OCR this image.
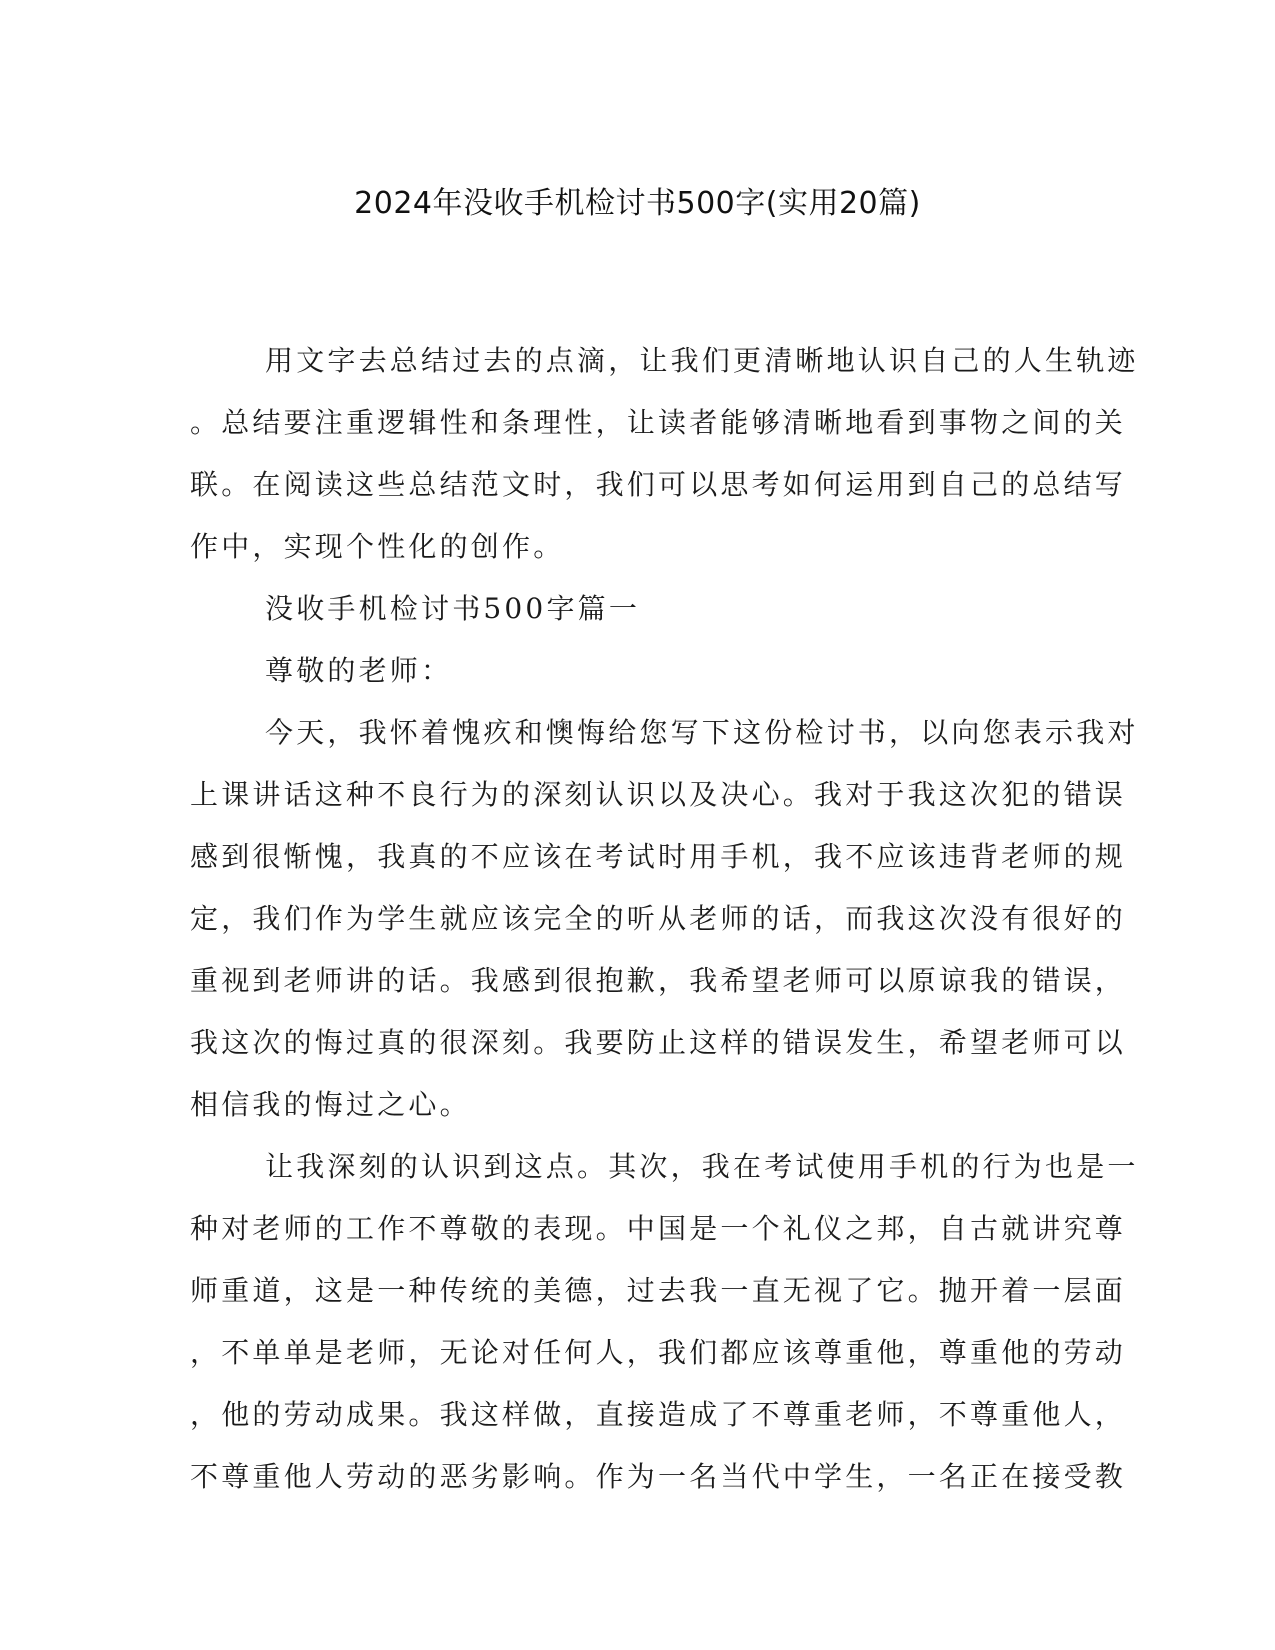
2024年没收手机检讨书500字(实用20篇)
用文字去总结过去的点滴，让我们更清晰地认识自己的人生轨迹
。总结要注重逻辑性和条理性，让读者能够清晰地看到事物之间的关
联。在阅读这些总结范文时，我们可以思考如何运用到自己的总结写
作中，实现个性化的创作。
没收手机检讨书500字篇一
尊敬的老师：
今天，我怀着愧疚和懊悔给您写下这份检讨书，以向您表示我对
上课讲话这种不良行为的深刻认识以及决心。我对于我这次犯的错误
感到很惭愧，我真的不应该在考试时用手机，我不应该违背老师的规
定，我们作为学生就应该完全的听从老师的话，而我这次没有很好的
重视到老师讲的话。我感到很抱歉，我希望老师可以原谅我的错误，
我这次的悔过真的很深刻。我要防止这样的错误发生，希望老师可以
相信我的悔过之心。
让我深刻的认识到这点。其次，我在考试使用手机的行为也是一
种对老师的工作不尊敬的表现。中国是一个礼仪之邦，自古就讲究尊
师重道，这是一种传统的美德，过去我一直无视了它。抛开着一层面
，不单单是老师，无论对任何人，我们都应该尊重他，尊重他的劳动
，他的劳动成果。我这样做，直接造成了不尊重老师，不尊重他人，
不尊重他人劳动的恶劣影响。作为一名当代中学生，一名正在接受教
